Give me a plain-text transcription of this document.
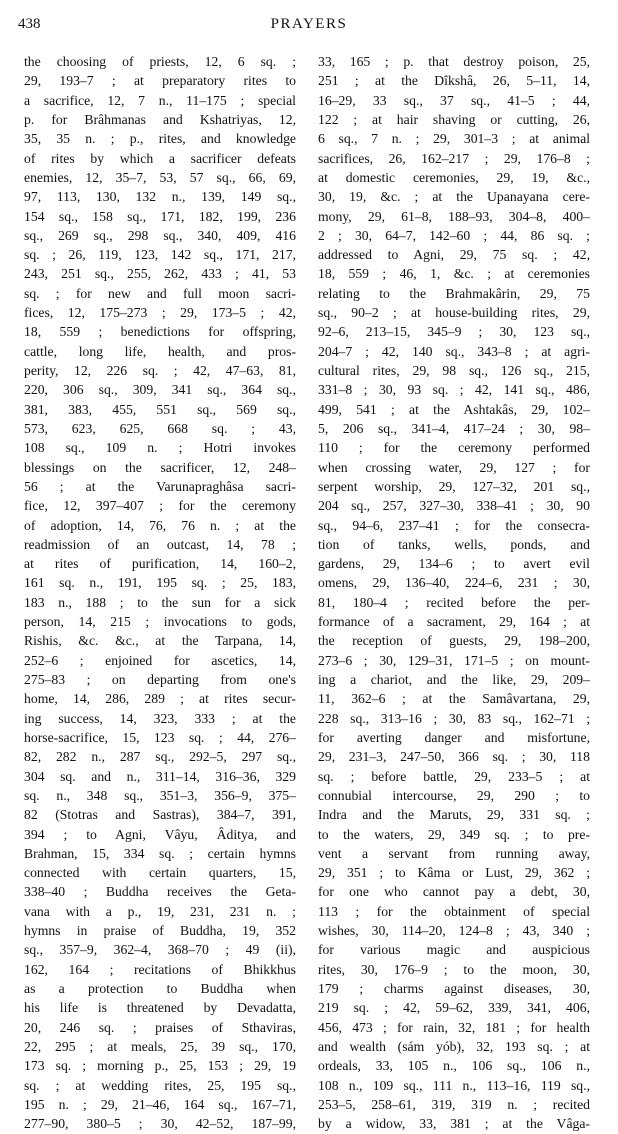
438	PRAYERS
the choosing of priests, 12, 6 sq. ;
29, 193–7 ; at preparatory rites to
a sacrifice, 12, 7 n., 11–175 ; special
p. for Brâhmanas and Kshatriyas, 12,
35, 35 n. ; p., rites, and knowledge
of rites by which a sacrificer defeats
enemies, 12, 35–7, 53, 57 sq., 66, 69,
97, 113, 130, 132 n., 139, 149 sq.,
154 sq., 158 sq., 171, 182, 199, 236
sq., 269 sq., 298 sq., 340, 409, 416
sq. ; 26, 119, 123, 142 sq., 171, 217,
243, 251 sq., 255, 262, 433 ; 41, 53
sq. ; for new and full moon sacri-
fices, 12, 175–273 ; 29, 173–5 ; 42,
18, 559 ; benedictions for offspring,
cattle, long life, health, and pros-
perity, 12, 226 sq. ; 42, 47–63, 81,
220, 306 sq., 309, 341 sq., 364 sq.,
381, 383, 455, 551 sq., 569 sq.,
573, 623, 625, 668 sq. ; 43,
108 sq., 109 n. ; Hotri invokes
blessings on the sacrificer, 12, 248–
56 ; at the Varunapraghâsa sacri-
fice, 12, 397–407 ; for the ceremony
of adoption, 14, 76, 76 n. ; at the
readmission of an outcast, 14, 78 ;
at rites of purification, 14, 160–2,
161 sq. n., 191, 195 sq. ; 25, 183,
183 n., 188 ; to the sun for a sick
person, 14, 215 ; invocations to gods,
Rishis, &c. &c., at the Tarpana, 14,
252–6 ; enjoined for ascetics, 14,
275–83 ; on departing from one's
home, 14, 286, 289 ; at rites secur-
ing success, 14, 323, 333 ; at the
horse-sacrifice, 15, 123 sq. ; 44, 276–
82, 282 n., 287 sq., 292–5, 297 sq.,
304 sq. and n., 311–14, 316–36, 329
sq. n., 348 sq., 351–3, 356–9, 375–
82 (Stotras and Sastras), 384–7, 391,
394 ; to Agni, Vâyu, Âditya, and
Brahman, 15, 334 sq. ; certain hymns
connected with certain quarters, 15,
338–40 ; Buddha receives the Geta-
vana with a p., 19, 231, 231 n. ;
hymns in praise of Buddha, 19, 352
sq., 357–9, 362–4, 368–70 ; 49 (ii),
162, 164 ; recitations of Bhikkhus
as a protection to Buddha when
his life is threatened by Devadatta,
20, 246 sq. ; praises of Sthaviras,
22, 295 ; at meals, 25, 39 sq., 170,
173 sq. ; morning p., 25, 153 ; 29, 19
sq. ; at wedding rites, 25, 195 sq.,
195 n. ; 29, 21–46, 164 sq., 167–71,
277–90, 380–5 ; 30, 42–52, 187–99,
33, 165 ; p. that destroy poison, 25,
251 ; at the Dîkshâ, 26, 5–11, 14,
16–29, 33 sq., 37 sq., 41–5 ; 44,
122 ; at hair shaving or cutting, 26,
6 sq., 7 n. ; 29, 301–3 ; at animal
sacrifices, 26, 162–217 ; 29, 176–8 ;
at domestic ceremonies, 29, 19, &c.,
30, 19, &c. ; at the Upanayana cere-
mony, 29, 61–8, 188–93, 304–8, 400–
2 ; 30, 64–7, 142–60 ; 44, 86 sq. ;
addressed to Agni, 29, 75 sq. ; 42,
18, 559 ; 46, 1, &c. ; at ceremonies
relating to the Brahmakârin, 29, 75
sq., 90–2 ; at house-building rites, 29,
92–6, 213–15, 345–9 ; 30, 123 sq.,
204–7 ; 42, 140 sq., 343–8 ; at agri-
cultural rites, 29, 98 sq., 126 sq., 215,
331–8 ; 30, 93 sq. ; 42, 141 sq., 486,
499, 541 ; at the Ashtakâs, 29, 102–
5, 206 sq., 341–4, 417–24 ; 30, 98–
110 ; for the ceremony performed
when crossing water, 29, 127 ; for
serpent worship, 29, 127–32, 201 sq.,
204 sq., 257, 327–30, 338–41 ; 30, 90
sq., 94–6, 237–41 ; for the consecra-
tion of tanks, wells, ponds, and
gardens, 29, 134–6 ; to avert evil
omens, 29, 136–40, 224–6, 231 ; 30,
81, 180–4 ; recited before the per-
formance of a sacrament, 29, 164 ; at
the reception of guests, 29, 198–200,
273–6 ; 30, 129–31, 171–5 ; on mount-
ing a chariot, and the like, 29, 209–
11, 362–6 ; at the Samâvartana, 29,
228 sq., 313–16 ; 30, 83 sq., 162–71 ;
for averting danger and misfortune,
29, 231–3, 247–50, 366 sq. ; 30, 118
sq. ; before battle, 29, 233–5 ; at
connubial intercourse, 29, 290 ; to
Indra and the Maruts, 29, 331 sq. ;
to the waters, 29, 349 sq. ; to pre-
vent a servant from running away,
29, 351 ; to Kâma or Lust, 29, 362 ;
for one who cannot pay a debt, 30,
113 ; for the obtainment of special
wishes, 30, 114–20, 124–8 ; 43, 340 ;
for various magic and auspicious
rites, 30, 176–9 ; to the moon, 30,
179 ; charms against diseases, 30,
219 sq. ; 42, 59–62, 339, 341, 406,
456, 473 ; for rain, 32, 181 ; for health
and wealth (sám yób), 32, 193 sq. ; at
ordeals, 33, 105 n., 106 sq., 106 n.,
108 n., 109 sq., 111 n., 113–16, 119 sq.,
253–5, 258–61, 319, 319 n. ; recited
by a widow, 33, 381 ; at the Vâga-
